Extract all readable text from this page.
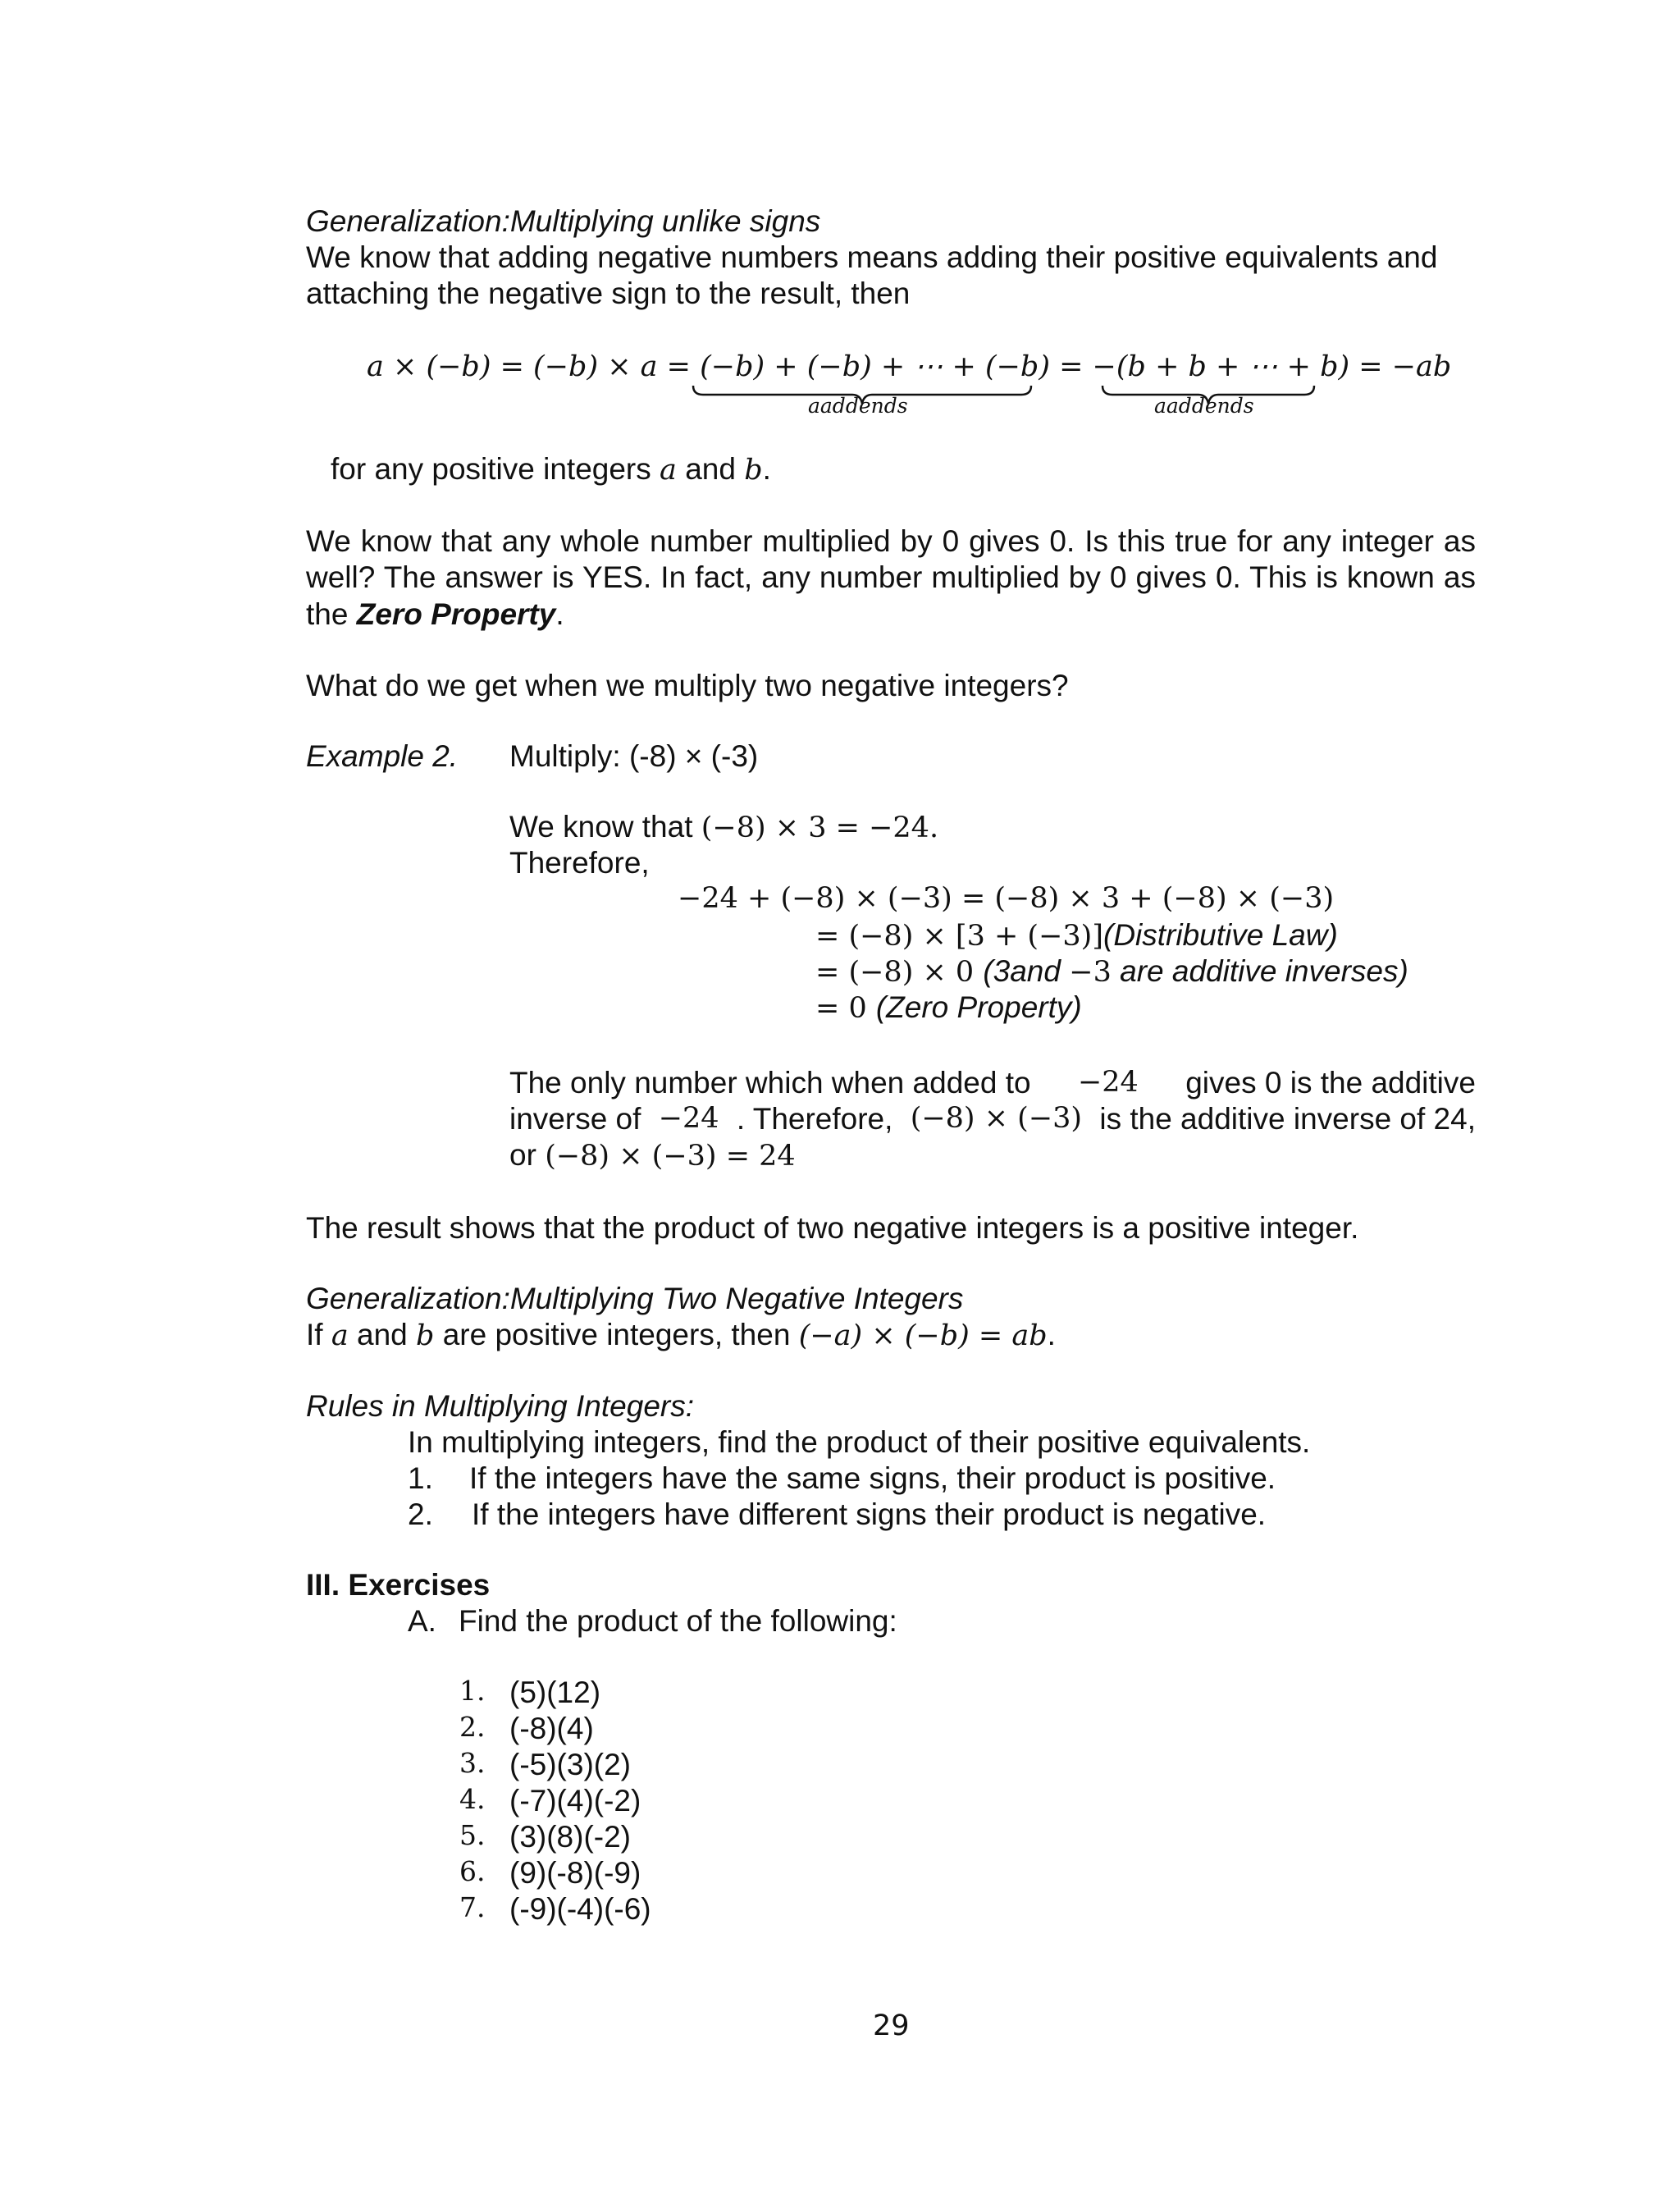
Generalization:Multiplying unlike signs
We know that adding negative numbers means adding their positive equivalents and
attaching the negative sign to the result, then
a × (−b) = (−b) × a = (−b) + (−b) + ⋯ + (−b) = −(b + b + ⋯ + b) = −ab
aaddends	aaddends
for any positive integers a and b.
We know that any whole number multiplied by 0 gives 0. Is this true for any integer as well? The answer is YES. In fact, any number multiplied by 0 gives 0. This is known as the Zero Property.
What do we get when we multiply two negative integers?
Example 2. Multiply: (-8) × (-3)
We know that (−8) × 3 = −24.
Therefore,
−24 + (−8) × (−3) = (−8) × 3 + (−8) × (−3)
= (−8) × [3 + (−3)](Distributive Law)
= (−8) × 0 (3and −3 are additive inverses)
= 0 (Zero Property)
The only number which when added to −24 gives 0 is the additive
inverse of −24 . Therefore, (−8) × (−3) is the additive inverse of 24,
or (−8) × (−3) = 24
The result shows that the product of two negative integers is a positive integer.
Generalization:Multiplying Two Negative Integers
If a and b are positive integers, then (−a) × (−b) = ab.
Rules in Multiplying Integers:
In multiplying integers, find the product of their positive equivalents.
1. If the integers have the same signs, their product is positive.
2. If the integers have different signs their product is negative.
III. Exercises
A. Find the product of the following:
1. (5)(12)
2. (-8)(4)
3. (-5)(3)(2)
4. (-7)(4)(-2)
5. (3)(8)(-2)
6. (9)(-8)(-9)
7. (-9)(-4)(-6)
29
